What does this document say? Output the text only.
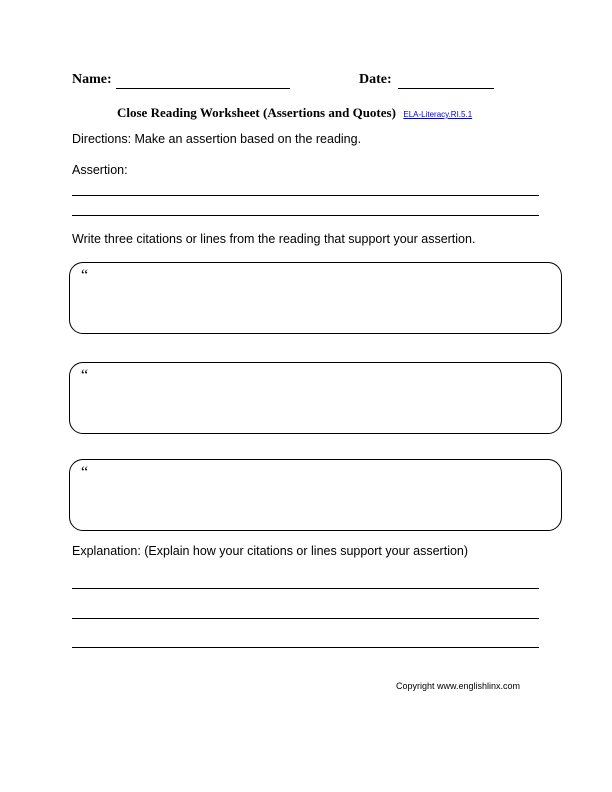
Name:	Date:
Close Reading Worksheet (Assertions and Quotes) ELA-Literacy.RI.5.1
Directions: Make an assertion based on the reading.
Assertion:
Write three citations or lines from the reading that support your assertion.
“
“
“
Explanation: (Explain how your citations or lines support your assertion)
Copyright www.englishlinx.com
